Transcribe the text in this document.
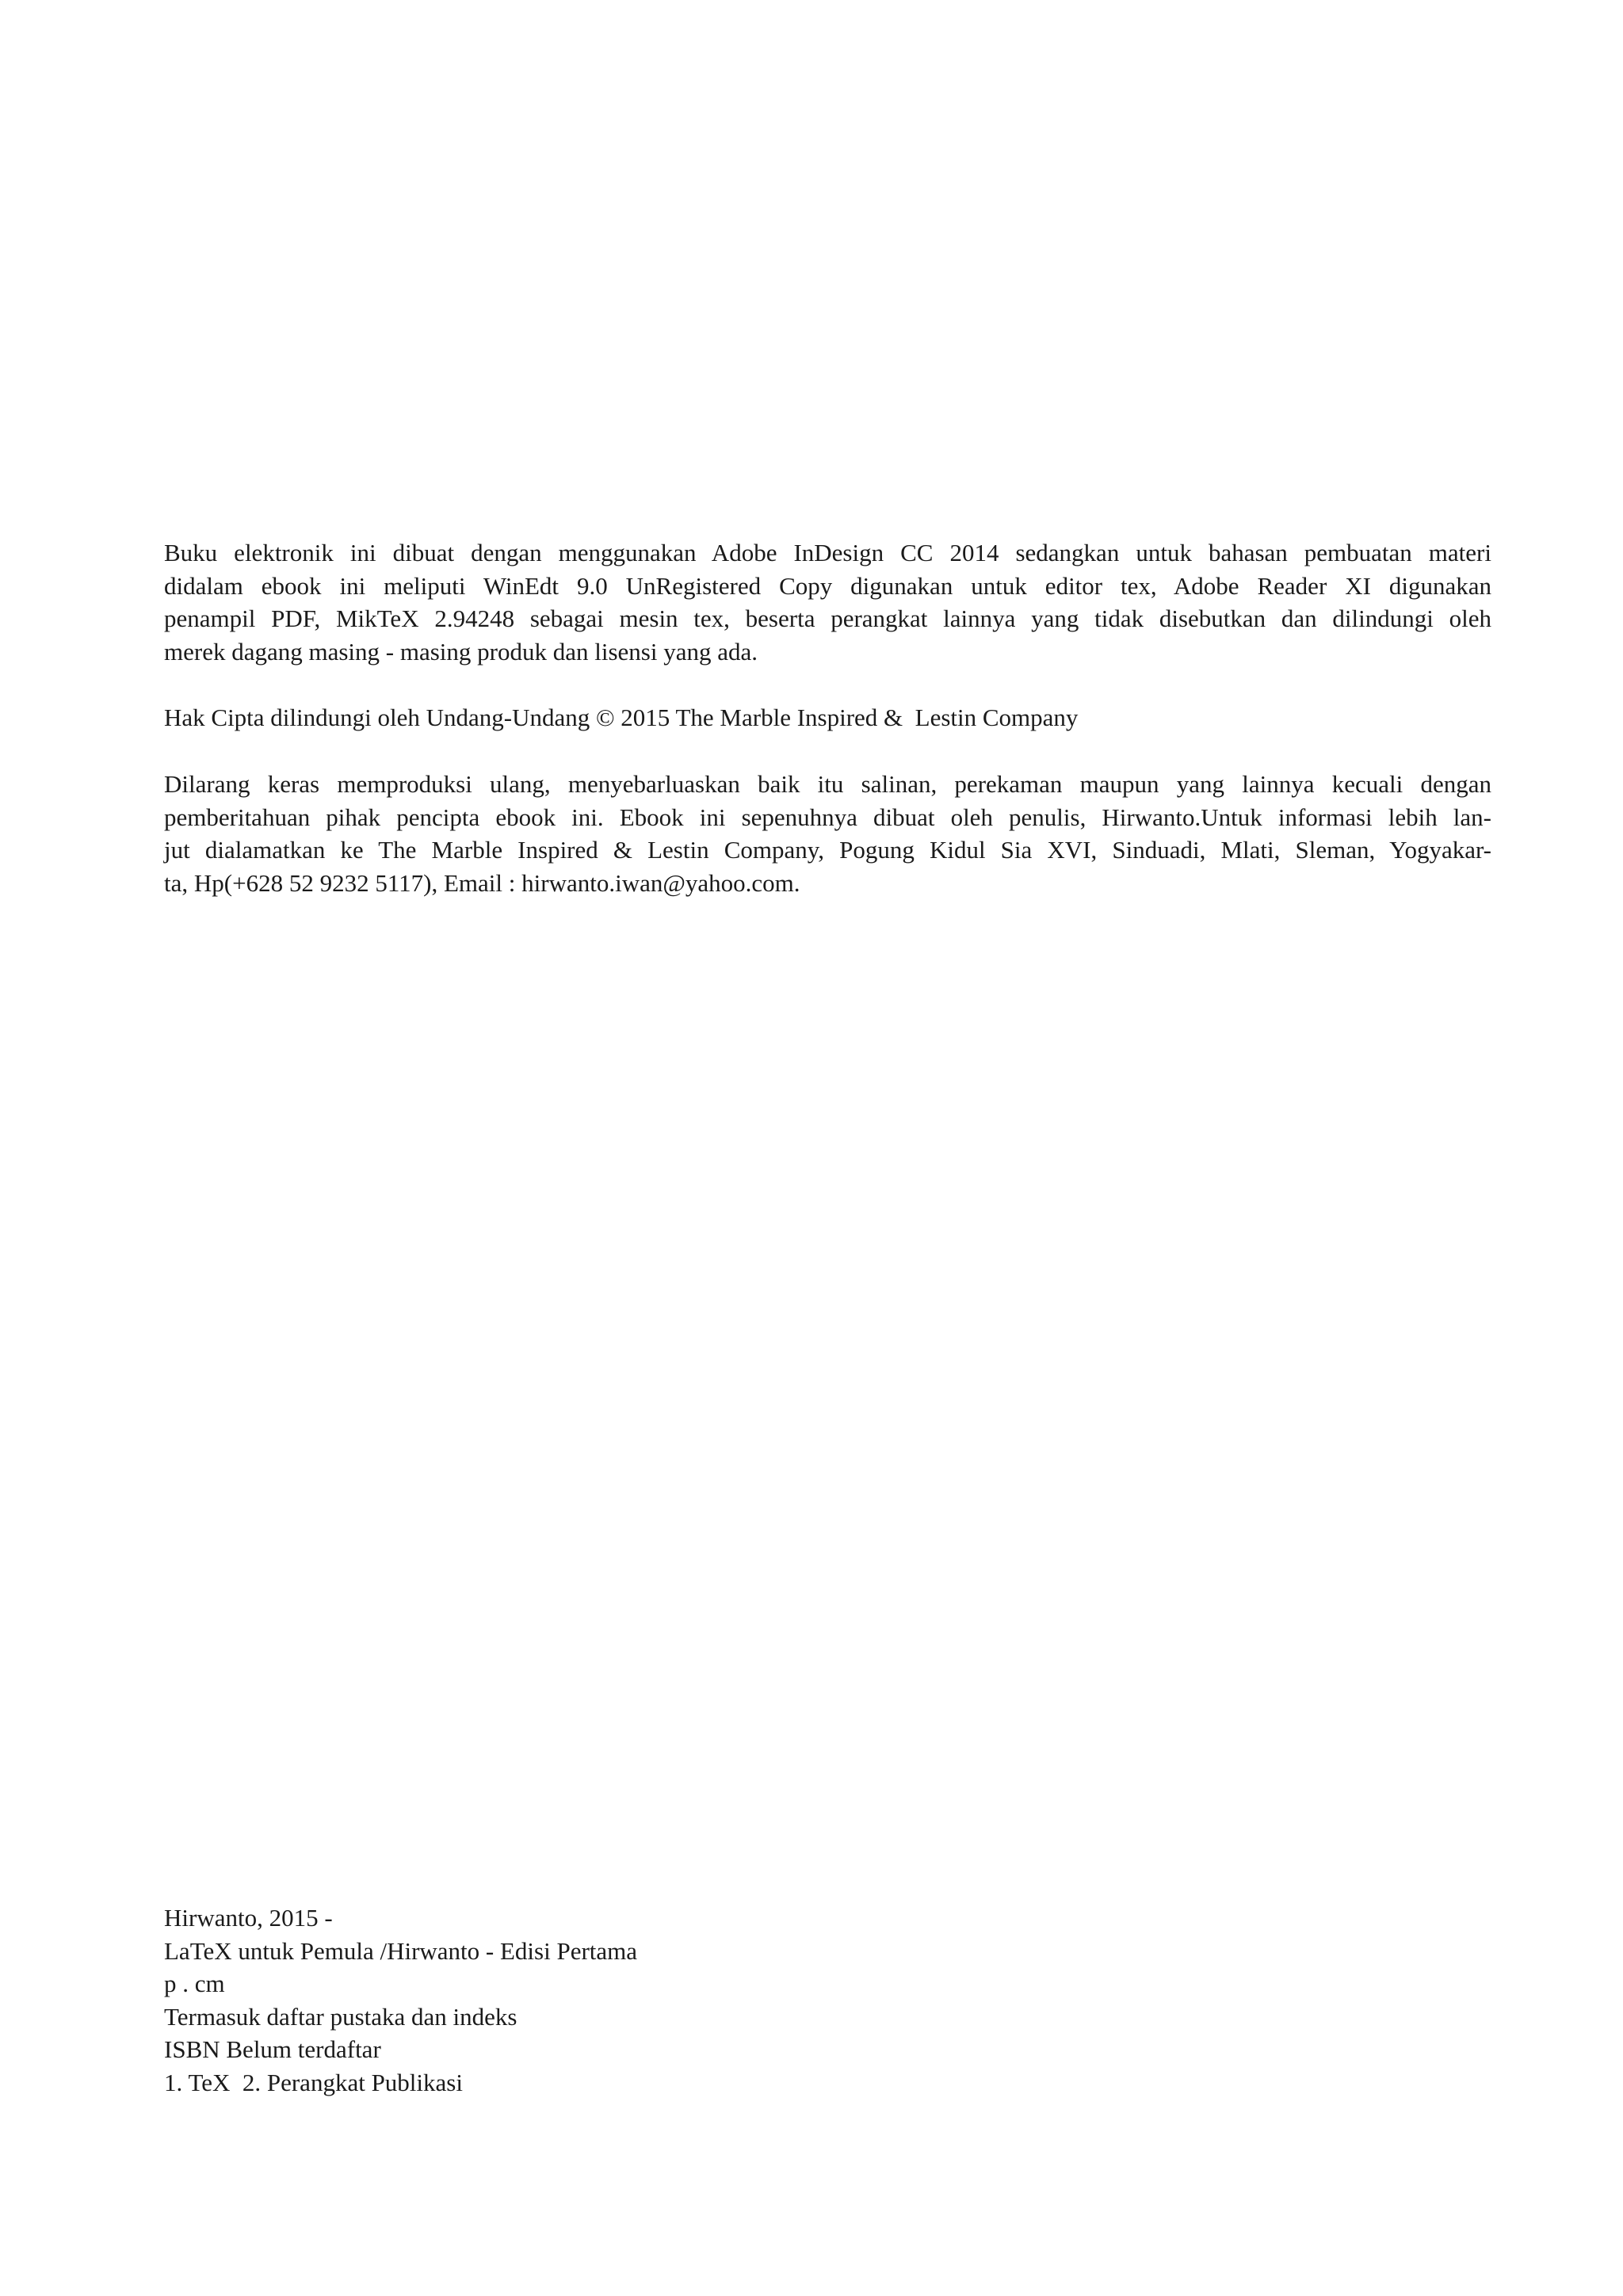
Buku elektronik ini dibuat dengan menggunakan Adobe InDesign CC 2014 sedangkan untuk bahasan pembuatan materi
didalam ebook ini meliputi WinEdt 9.0 UnRegistered Copy digunakan untuk editor tex, Adobe Reader XI digunakan
penampil PDF, MikTeX 2.94248 sebagai mesin tex, beserta perangkat lainnya yang tidak disebutkan dan dilindungi oleh
merek dagang masing - masing produk dan lisensi yang ada.
Hak Cipta dilindungi oleh Undang-Undang © 2015 The Marble Inspired &  Lestin Company
Dilarang keras memproduksi ulang, menyebarluaskan baik itu salinan, perekaman maupun yang lainnya kecuali dengan
pemberitahuan pihak pencipta ebook ini. Ebook ini sepenuhnya dibuat oleh penulis, Hirwanto.Untuk informasi lebih lan-
jut dialamatkan ke The Marble Inspired & Lestin Company, Pogung Kidul Sia XVI, Sinduadi, Mlati, Sleman, Yogyakar-
ta, Hp(+628 52 9232 5117), Email : hirwanto.iwan@yahoo.com.
Hirwanto, 2015 -
LaTeX untuk Pemula /Hirwanto - Edisi Pertama
p . cm
Termasuk daftar pustaka dan indeks
ISBN Belum terdaftar
1. TeX  2. Perangkat Publikasi
